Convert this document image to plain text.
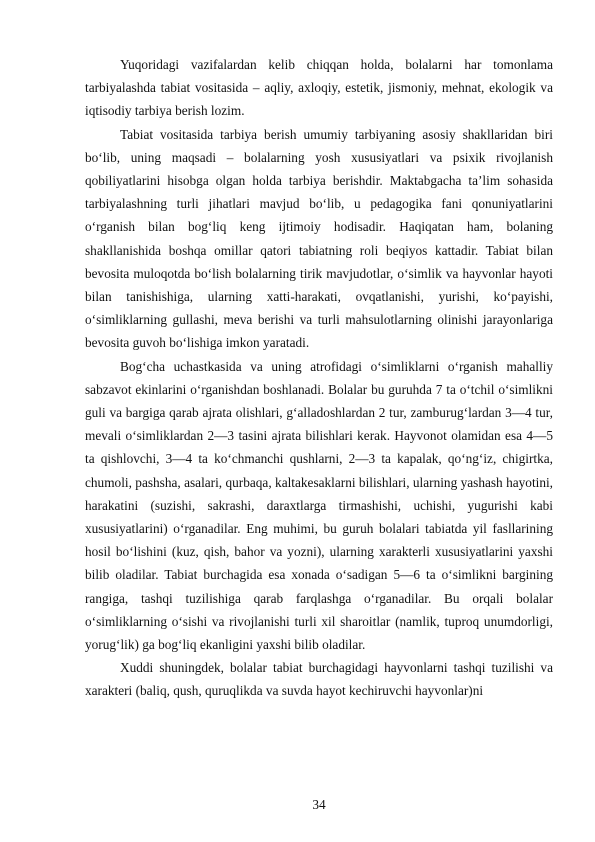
Yuqoridagi vazifalardan kelib chiqqan holda, bolalarni har tomonlama tarbiyalashda tabiat vositasida – aqliy, axloqiy, estetik, jismoniy, mehnat, ekologik va iqtisodiy tarbiya berish lozim.

Tabiat vositasida tarbiya berish umumiy tarbiyaning asosiy shakllaridan biri bo‘lib, uning maqsadi – bolalarning yosh xususiyatlari va psixik rivojlanish qobiliyatlarini hisobga olgan holda tarbiya berishdir. Maktabgacha ta’lim sohasida tarbiyalashning turli jihatlari mavjud bo‘lib, u pedagogika fani qonuniyatlarini o‘rganish bilan bog‘liq keng ijtimoiy hodisadir. Haqiqatan ham, bolaning shakllanishida boshqa omillar qatori tabiatning roli beqiyos kattadir. Tabiat bilan bevosita muloqotda bo‘lish bolalarning tirik mavjudotlar, o‘simlik va hayvonlar hayoti bilan tanishishiga, ularning xatti-harakati, ovqatlanishi, yurishi, ko‘payishi, o‘simliklarning gullashi, meva berishi va turli mahsulotlarning olinishi jarayonlariga bevosita guvoh bo‘lishiga imkon yaratadi.

Bog‘cha uchastkasida va uning atrofidagi o‘simliklarni o‘rganish mahalliy sabzavot ekinlarini o‘rganishdan boshlanadi. Bolalar bu guruhda 7 ta o‘tchil o‘simlikni guli va bargiga qarab ajrata olishlari, g‘alladoshlardan 2 tur, zamburug‘lardan 3—4 tur, mevali o‘simliklardan 2—3 tasini ajrata bilishlari kerak. Hayvonot olamidan esa 4—5 ta qishlovchi, 3—4 ta ko‘chmanchi qushlarni, 2—3 ta kapalak, qo‘ng‘iz, chigirtka, chumoli, pashsha, asalari, qurbaqa, kaltakesaklarni bilishlari, ularning yashash hayotini, harakatini (suzishi, sakrashi, daraxtlarga tirmashishi, uchishi, yugurishi kabi xususiyatlarini) o‘rganadilar. Eng muhimi, bu guruh bolalari tabiatda yil fasllarining hosil bo‘lishini (kuz, qish, bahor va yozni), ularning xarakterli xususiyatlarini yaxshi bilib oladilar. Tabiat burchagida esa xonada o‘sadigan 5—6 ta o‘simlikni bargining rangiga, tashqi tuzilishiga qarab farqlashga o‘rganadilar. Bu orqali bolalar o‘simliklarning o‘sishi va rivojlanishi turli xil sharoitlar (namlik, tuproq unumdorligi, yorug‘lik) ga bog‘liq ekanligini yaxshi bilib oladilar.

Xuddi shuningdek, bolalar tabiat burchagidagi hayvonlarni tashqi tuzilishi va xarakteri (baliq, qush, quruqlikda va suvda hayot kechiruvchi hayvonlar)ni

34
